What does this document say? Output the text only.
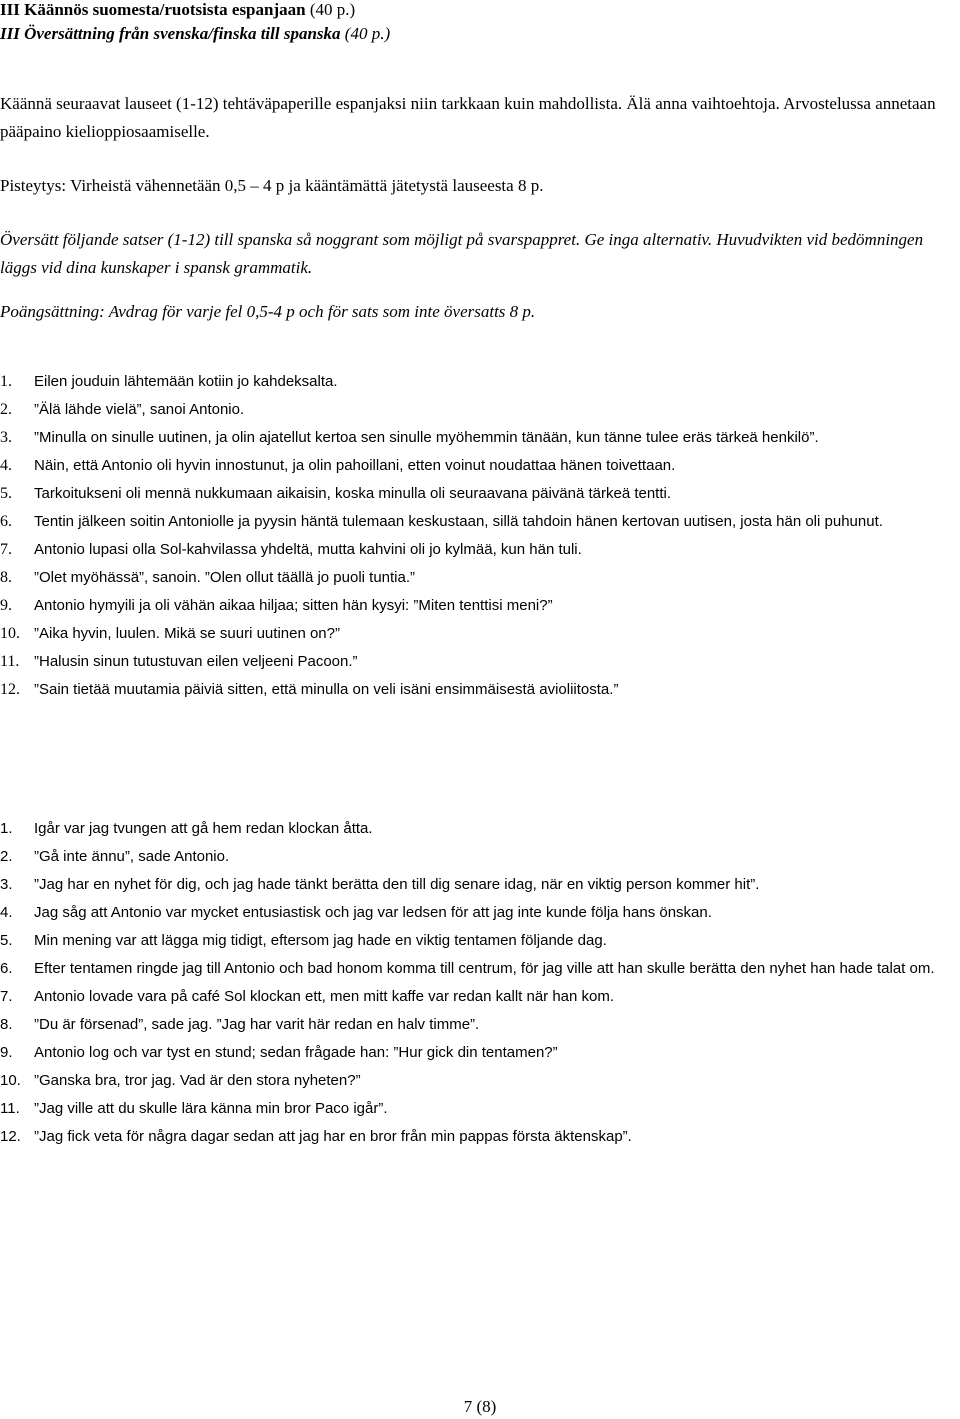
III Käännös suomesta/ruotsista espanjaan (40 p.)
III Översättning från svenska/finska till spanska (40 p.)

Käännä seuraavat lauseet (1-12) tehtäväpaperille espanjaksi niin tarkkaan kuin mahdollista. Älä anna vaihtoehtoja. Arvostelussa annetaan pääpaino kielioppiosaamiselle.

Pisteytys: Virheistä vähennetään 0,5 – 4 p ja kääntämättä jätetystä lauseesta 8 p.

Översätt följande satser (1-12) till spanska så noggrant som möjligt på svarspappret. Ge inga alternativ. Huvudvikten vid bedömningen läggs vid dina kunskaper i spansk grammatik.

Poängsättning: Avdrag för varje fel 0,5-4 p och för sats som inte översatts 8 p.

1.	Eilen jouduin lähtemään kotiin jo kahdeksalta.
2.	”Älä lähde vielä”, sanoi Antonio.
3.	”Minulla on sinulle uutinen, ja olin ajatellut kertoa sen sinulle myöhemmin tänään, kun tänne tulee eräs tärkeä henkilö”.
4.	Näin, että Antonio oli hyvin innostunut, ja olin pahoillani, etten voinut noudattaa hänen toivettaan.
5.	Tarkoitukseni oli mennä nukkumaan aikaisin, koska minulla oli seuraavana päivänä tärkeä tentti.
6.	Tentin jälkeen soitin Antoniolle ja pyysin häntä tulemaan keskustaan, sillä tahdoin hänen kertovan uutisen, josta hän oli puhunut.
7.	Antonio lupasi olla Sol-kahvilassa yhdeltä, mutta kahvini oli jo kylmää, kun hän tuli.
8.	”Olet myöhässä”, sanoin. ”Olen ollut täällä jo puoli tuntia.”
9.	Antonio hymyili ja oli vähän aikaa hiljaa; sitten hän kysyi: ”Miten tenttisi meni?”
10. ”Aika hyvin, luulen. Mikä se suuri uutinen on?”
11. ”Halusin sinun tutustuvan eilen veljeeni Pacoon.”
12. ”Sain tietää muutamia päiviä sitten, että minulla on veli isäni ensimmäisestä avioliitosta.”
1.	Igår var jag tvungen att gå hem redan klockan åtta.
2.	”Gå inte ännu”, sade Antonio.
3.	”Jag har en nyhet för dig, och jag hade tänkt berätta den till dig senare idag, när en viktig person kommer hit”.
4.	Jag såg att Antonio var mycket entusiastisk och jag var ledsen för att jag inte kunde följa hans önskan.
5.	Min mening var att lägga mig tidigt, eftersom jag hade en viktig tentamen följande dag.
6.	Efter tentamen ringde jag till Antonio och bad honom komma till centrum, för jag ville att han skulle berätta den nyhet han hade talat om.
7.	Antonio lovade vara på café Sol klockan ett, men mitt kaffe var redan kallt när han kom.
8.	”Du är försenad”, sade jag. ”Jag har varit här redan en halv timme”.
9.	Antonio log och var tyst en stund; sedan frågade han: ”Hur gick din tentamen?”
10. ”Ganska bra, tror jag. Vad är den stora nyheten?”
11. ”Jag ville att du skulle lära känna min bror Paco igår”.
12. ”Jag fick veta för några dagar sedan att jag har en bror från min pappas första äktenskap”.
7 (8)
